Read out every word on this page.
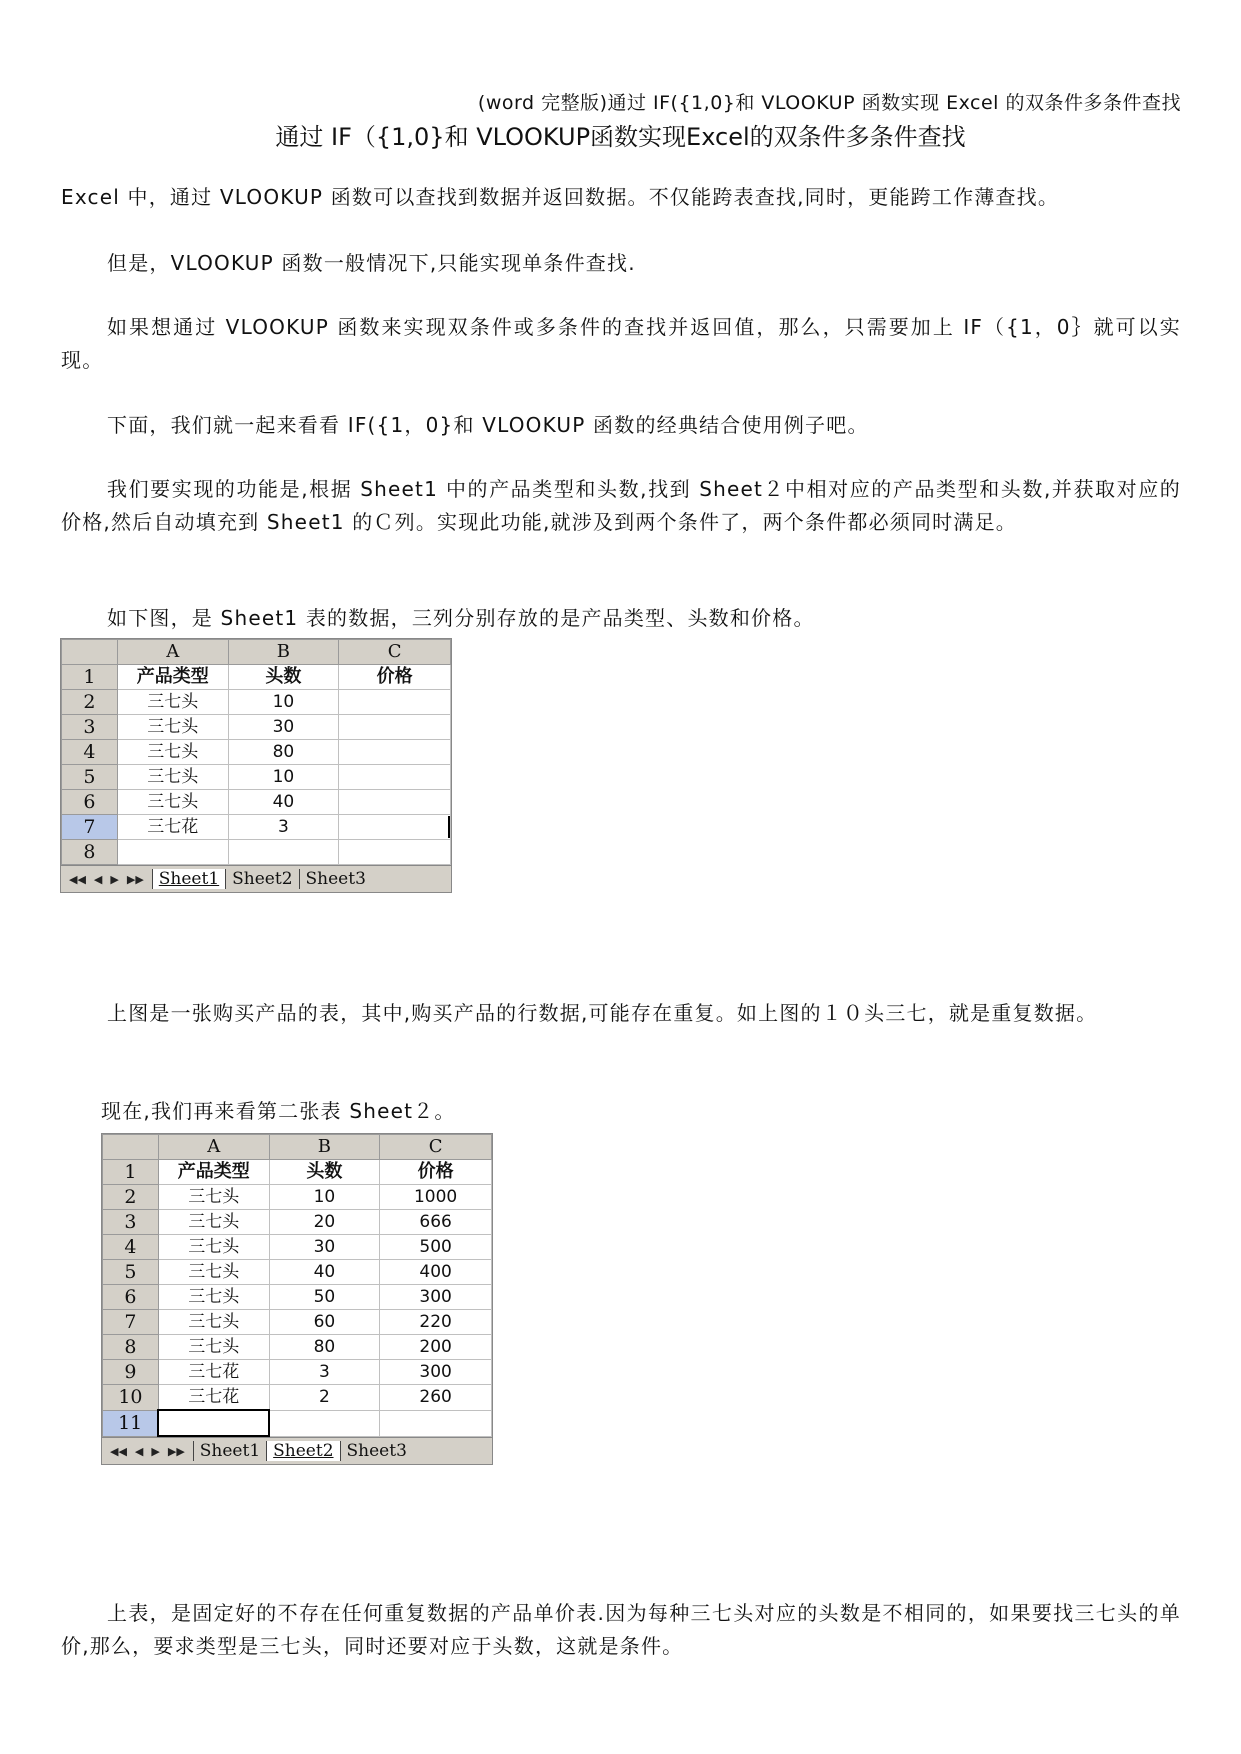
(word 完整版)通过 IF({1,0}和 VLOOKUP 函数实现 Excel 的双条件多条件查找
通过 IF（{1,0}和 VLOOKUP函数实现Excel的双条件多条件查找

Excel 中，通过 VLOOKUP 函数可以查找到数据并返回数据。不仅能跨表查找,同时，更能跨工作薄查找。

但是，VLOOKUP 函数一般情况下,只能实现单条件查找.

如果想通过 VLOOKUP 函数来实现双条件或多条件的查找并返回值，那么，只需要加上 IF（{1，0｝就可以实现。

下面，我们就一起来看看 IF({1，0}和 VLOOKUP 函数的经典结合使用例子吧。

我们要实现的功能是,根据 Sheet1 中的产品类型和头数,找到 Sheet２中相对应的产品类型和头数,并获取对应的价格,然后自动填充到 Sheet1 的Ｃ列。实现此功能,就涉及到两个条件了，两个条件都必须同时满足。

如下图，是 Sheet1 表的数据，三列分别存放的是产品类型、头数和价格。

	A	B	C
1	产品类型	头数	价格
2	三七头	10	
3	三七头	30	
4	三七头	80	
5	三七头	10	
6	三七头	40	
7	三七花	3	
8			
◀◀ ◀ ▶ ▶▶ Sheet1 Sheet2 Sheet3

上图是一张购买产品的表，其中,购买产品的行数据,可能存在重复。如上图的１０头三七，就是重复数据。

现在,我们再来看第二张表 Sheet２。

	A	B	C
1	产品类型	头数	价格
2	三七头	10	1000
3	三七头	20	666
4	三七头	30	500
5	三七头	40	400
6	三七头	50	300
7	三七头	60	220
8	三七头	80	200
9	三七花	3	300
10	三七花	2	260
11			
◀◀ ◀ ▶ ▶▶ Sheet1 Sheet2 Sheet3

上表，是固定好的不存在任何重复数据的产品单价表.因为每种三七头对应的头数是不相同的，如果要找三七头的单价,那么，要求类型是三七头，同时还要对应于头数，这就是条件。
